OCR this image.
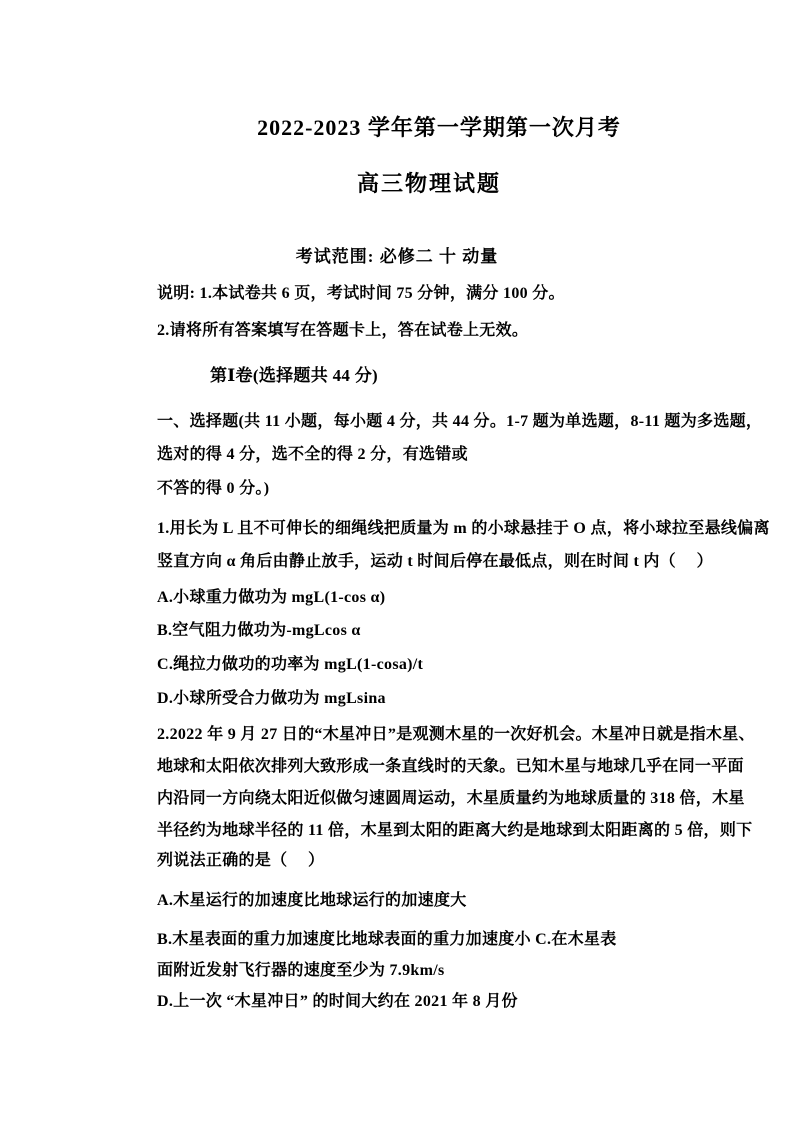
2022-2023 学年第一学期第一次月考
高三物理试题
考试范围: 必修二 十 动量
说明: 1.本试卷共 6 页，考试时间 75 分钟，满分 100 分。
2.请将所有答案填写在答题卡上，答在试卷上无效。
第Ⅰ卷(选择题共 44 分)
一、选择题(共 11 小题，每小题 4 分，共 44 分。1-7 题为单选题，8-11 题为多选题，
选对的得 4 分，选不全的得 2 分，有选错或
不答的得 0 分。)
1.用长为 L 且不可伸长的细绳线把质量为 m 的小球悬挂于 O 点，将小球拉至悬线偏离
竖直方向 α 角后由静止放手，运动 t 时间后停在最低点，则在时间 t 内（　 ）
A.小球重力做功为 mgL(1-cos α)
B.空气阻力做功为-mgLcos α
C.绳拉力做功的功率为 mgL(1-cosa)/t
D.小球所受合力做功为 mgLsina
2.2022 年 9 月 27 日的“木星冲日”是观测木星的一次好机会。木星冲日就是指木星、
地球和太阳依次排列大致形成一条直线时的天象。已知木星与地球几乎在同一平面
内沿同一方向绕太阳近似做匀速圆周运动，木星质量约为地球质量的 318 倍，木星
半径约为地球半径的 11 倍，木星到太阳的距离大约是地球到太阳距离的 5 倍，则下
列说法正确的是（　 ）
A.木星运行的加速度比地球运行的加速度大
B.木星表面的重力加速度比地球表面的重力加速度小 C.在木星表
面附近发射飞行器的速度至少为 7.9km/s
D.上一次 “木星冲日” 的时间大约在 2021 年 8 月份
